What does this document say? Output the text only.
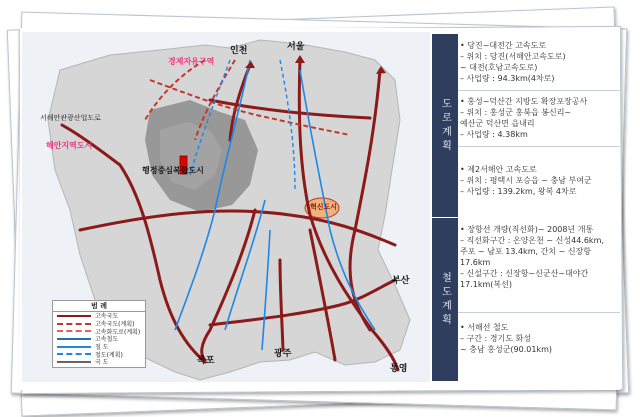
인천	서울
부산
통영
광주
목포
서해안관광산업도로
해안지역도시
행정중심복합도시
혁신도시
경제자유구역
범 례
고속국도
고속국도(계획)
고속화도로(계획)
고속철도
철 도
철도(계획)
국 도
도로계획
철도계획
• 당진~대전간 고속도로
– 위치 : 당진(서해안고속도로)
~ 대전(호남고속도로)
– 사업량 : 94.3km(4차로)
• 홍성~덕산간 지방도 확장포장공사
– 위치 : 홍성군 홍북읍 봉신리~
예산군 덕산면 읍내리
– 사업량 : 4.38km
• 제2서해안 고속도로
– 위치 : 평택시 포승읍 ~ 충남 부여군
– 사업량 : 139.2km, 왕복 4차로
• 장항선 개량(직선화)~ 2008년 개통
– 직선화구간 : 온양온천 ~ 신성44.6km,
주포 ~ 남포 13.4km, 간치 ~ 신장항
17.6km
– 신설구간 : 신장항~신군산~대야간
17.1km(복선)
• 서해선 철도
– 구간 : 경기도 화성
~ 충남 홍성군(90.01km)
